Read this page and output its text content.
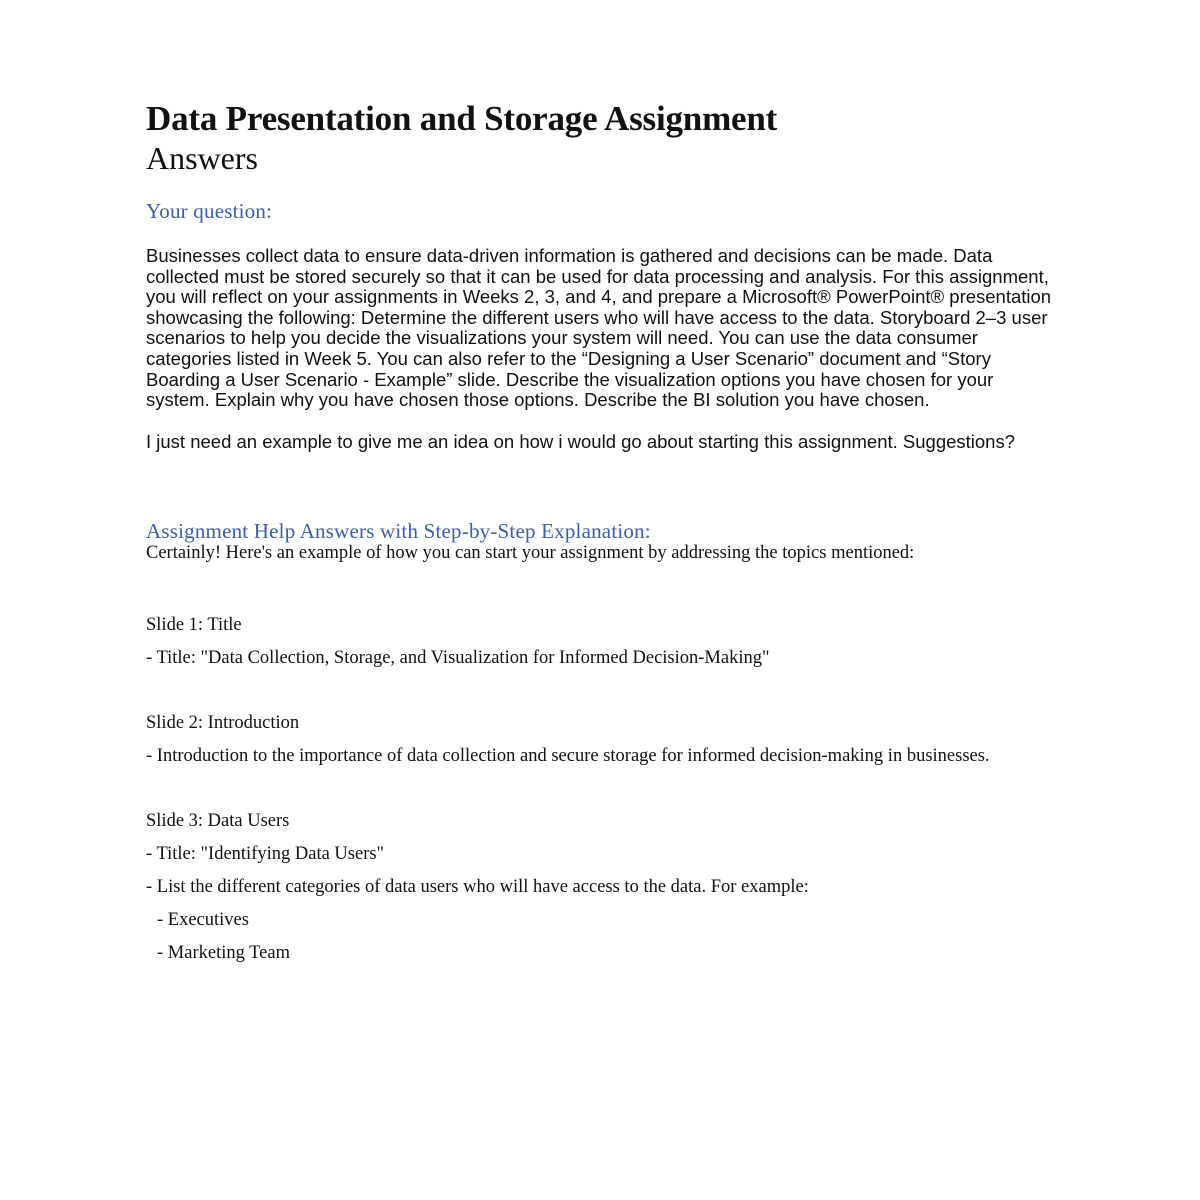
Data Presentation and Storage Assignment
Answers
Your question:

Businesses collect data to ensure data-driven information is gathered and decisions can be made. Data collected must be stored securely so that it can be used for data processing and analysis. For this assignment, you will reflect on your assignments in Weeks 2, 3, and 4, and prepare a Microsoft® PowerPoint® presentation showcasing the following: Determine the different users who will have access to the data. Storyboard 2–3 user scenarios to help you decide the visualizations your system will need. You can use the data consumer categories listed in Week 5. You can also refer to the “Designing a User Scenario” document and “Story Boarding a User Scenario - Example” slide. Describe the visualization options you have chosen for your system. Explain why you have chosen those options. Describe the BI solution you have chosen.

I just need an example to give me an idea on how i would go about starting this assignment. Suggestions?

Assignment Help Answers with Step-by-Step Explanation:

Certainly! Here's an example of how you can start your assignment by addressing the topics mentioned:

Slide 1: Title

- Title: "Data Collection, Storage, and Visualization for Informed Decision-Making"

Slide 2: Introduction

- Introduction to the importance of data collection and secure storage for informed decision-making in businesses.

Slide 3: Data Users

- Title: "Identifying Data Users"

- List the different categories of data users who will have access to the data. For example:

- Executives

- Marketing Team
